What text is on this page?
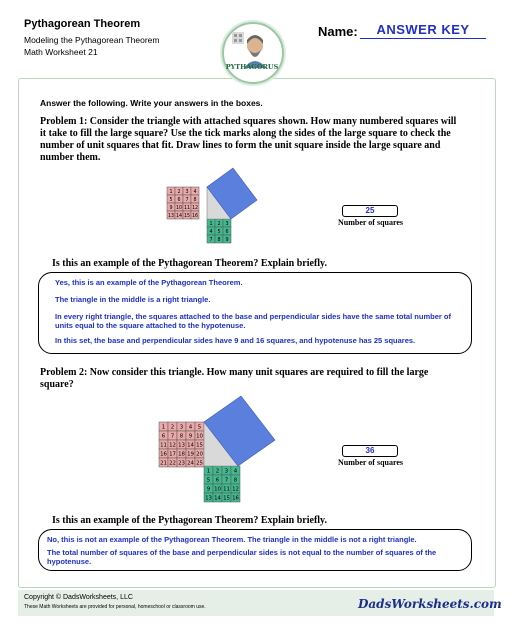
Pythagorean Theorem
Modeling the Pythagorean Theorem
Math Worksheet 21
Name:	ANSWER KEY
PYTHAGORUS
Answer the following. Write your answers in the boxes.
Problem 1: Consider the triangle with attached squares shown. How many numbered squares will it take to fill the large square? Use the tick marks along the sides of the large square to check the number of unit squares that fit. Draw lines to form the unit square inside the large square and number them.
1 2 3 4
5 6 7 8
9 10 11 12
13 14 15 16
1 2 3
4 5 6
7 8 9
25
Number of squares
Is this an example of the Pythagorean Theorem? Explain briefly.
Yes, this is an example of the Pythagorean Theorem.
The triangle in the middle is a right triangle.
In every right triangle, the squares attached to the base and perpendicular sides have the same total number of units equal to the square attached to the hypotenuse.
In this set, the base and perpendicular sides have 9 and 16 squares, and hypotenuse has 25 squares.
Problem 2: Now consider this triangle. How many unit squares are required to fill the large square?
1 2 3 4 5
6 7 8 9 10
11 12 13 14 15
16 17 18 19 20
21 22 23 24 25
1 2 3 4
5 6 7 8
9 10 11 12
13 14 15 16
36
Number of squares
Is this an example of the Pythagorean Theorem? Explain briefly.
No, this is not an example of the Pythagorean Theorem. The triangle in the middle is not a right triangle.
The total number of squares of the base and perpendicular sides is not equal to the number of squares of the hypotenuse.
Copyright © DadsWorksheets, LLC
These Math Worksheets are provided for personal, homeschool or classroom use.	DadsWorksheets.com
